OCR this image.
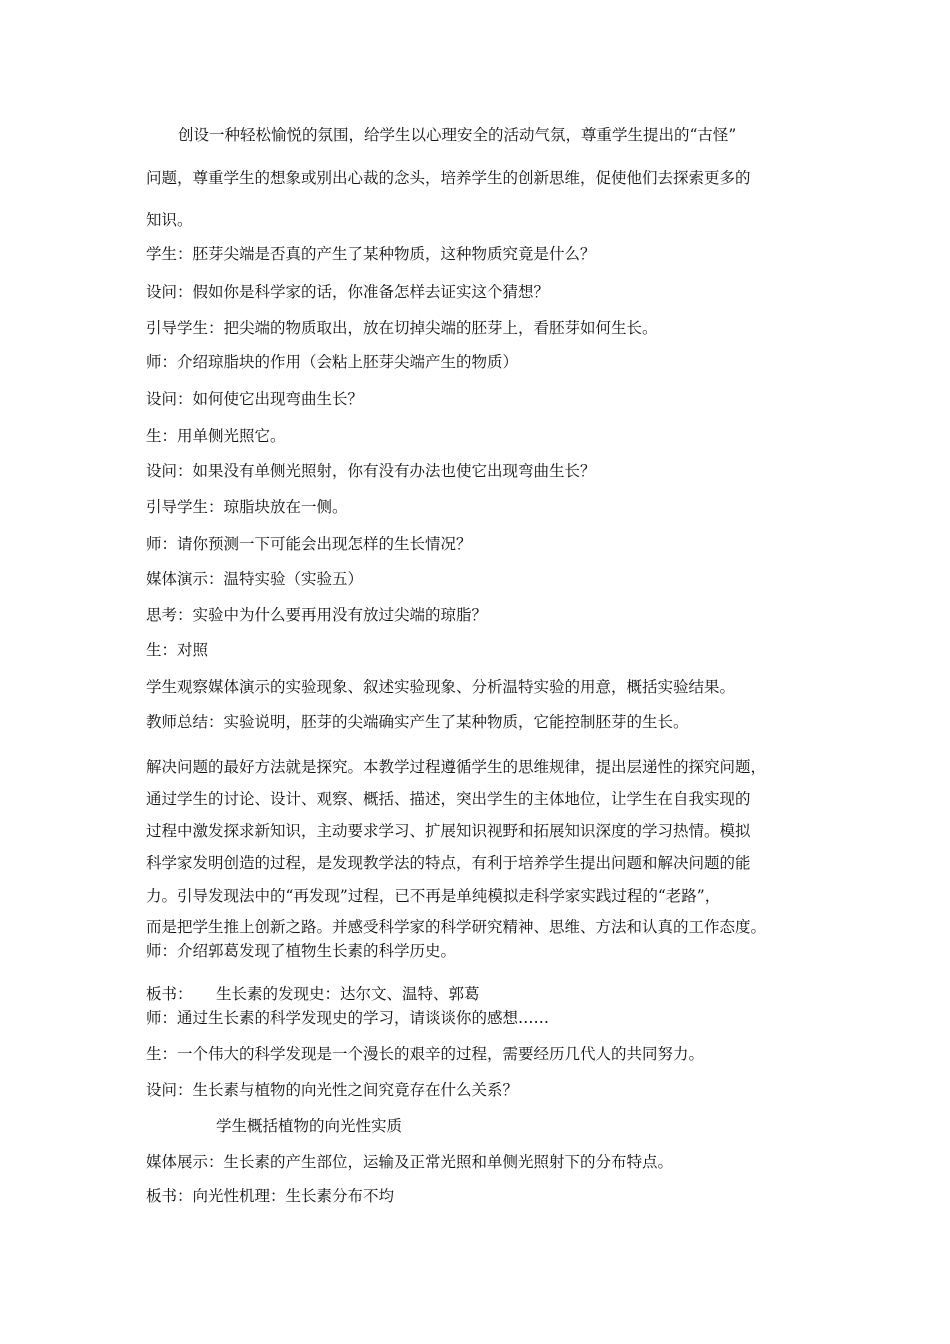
创设一种轻松愉悦的氛围，给学生以心理安全的活动气氛，尊重学生提出的“古怪”
问题，尊重学生的想象或别出心裁的念头，培养学生的创新思维，促使他们去探索更多的
知识。
学生：胚芽尖端是否真的产生了某种物质，这种物质究竟是什么？
设问：假如你是科学家的话，你准备怎样去证实这个猜想？
引导学生：把尖端的物质取出，放在切掉尖端的胚芽上，看胚芽如何生长。
师：介绍琼脂块的作用（会粘上胚芽尖端产生的物质）
设问：如何使它出现弯曲生长？
生：用单侧光照它。
设问：如果没有单侧光照射，你有没有办法也使它出现弯曲生长？
引导学生：琼脂块放在一侧。
师：请你预测一下可能会出现怎样的生长情况？
媒体演示：温特实验（实验五）
思考：实验中为什么要再用没有放过尖端的琼脂？
生：对照
学生观察媒体演示的实验现象、叙述实验现象、分析温特实验的用意，概括实验结果。
教师总结：实验说明，胚芽的尖端确实产生了某种物质，它能控制胚芽的生长。
解决问题的最好方法就是探究。本教学过程遵循学生的思维规律，提出层递性的探究问题，
通过学生的讨论、设计、观察、概括、描述，突出学生的主体地位，让学生在自我实现的
过程中激发探求新知识，主动要求学习、扩展知识视野和拓展知识深度的学习热情。模拟
科学家发明创造的过程，是发现教学法的特点，有利于培养学生提出问题和解决问题的能
力。引导发现法中的“再发现”过程，已不再是单纯模拟走科学家实践过程的“老路”，
而是把学生推上创新之路。并感受科学家的科学研究精神、思维、方法和认真的工作态度。
师：介绍郭葛发现了植物生长素的科学历史。
板书： 生长素的发现史：达尔文、温特、郭葛
师：通过生长素的科学发现史的学习，请谈谈你的感想……
生：一个伟大的科学发现是一个漫长的艰辛的过程，需要经历几代人的共同努力。
设问：生长素与植物的向光性之间究竟存在什么关系？
学生概括植物的向光性实质
媒体展示：生长素的产生部位，运输及正常光照和单侧光照射下的分布特点。
板书：向光性机理：生长素分布不均
